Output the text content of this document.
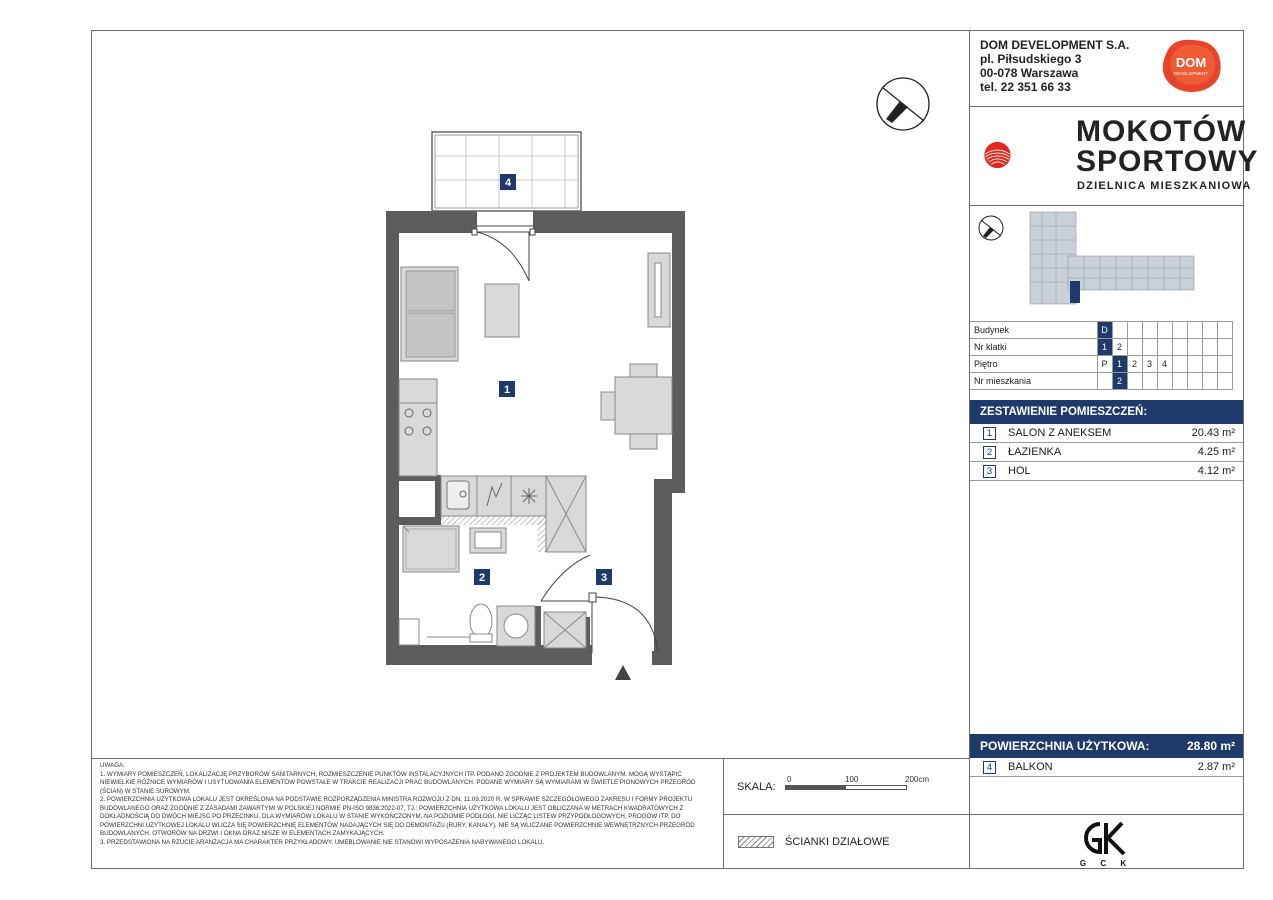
1
2	3
4
DOM DEVELOPMENT S.A.
pl. Piłsudskiego 3
00-078 Warszawa
tel. 22 351 66 33
DOM
DEVELOPMENT
MOKOTÓW
SPORTOWY
DZIELNICA MIESZKANIOWA
Budynek	D								
Nr klatki	1	2							
Piętro	P	1	2	3	4				
Nr mieszkania		2							
ZESTAWIENIE POMIESZCZEŃ:
1	SALON Z ANEKSEM	20.43 m²
2	ŁAZIENKA	4.25 m²
3	HOL	4.12 m²
POWIERZCHNIA UŻYTKOWA:	28.80 m²
4	BALKON	2.87 m²
UWAGA:
1. WYMIARY POMIESZCZEŃ, LOKALIZACJĘ PRZYBORÓW SANITARNYCH, ROZMIESZCZENIE PUNKTÓW INSTALACYJNYCH ITP. PODANO ZGODNIE Z PROJEKTEM BUDOWLANYM. MOGĄ WYSTĄPIĆ NIEWIELKIE RÓŻNICE WYMIARÓW I USYTUOWANIA ELEMENTÓW POWSTAŁE W TRAKCIE REALIZACJI PRAC BUDOWLANYCH. PODANE WYMIARY SĄ WYMIARAMI W ŚWIETLE PIONOWYCH PRZEGRÓD (ŚCIAN) W STANIE SUROWYM.
2. POWIERZCHNIA UŻYTKOWA LOKALU JEST OKREŚLONA NA PODSTAWIE ROZPORZĄDZENIA MINISTRA ROZWOJU Z DN. 11.09.2020 R. W SPRAWIE SZCZEGÓŁOWEGO ZAKRESU I FORMY PROJEKTU BUDOWLANEGO ORAZ ZGODNIE Z ZASADAMI ZAWARTYMI W POLSKIEJ NORMIE PN-ISO 9836:2022-07, TJ.: POWIERZCHNIA UŻYTKOWA LOKALU JEST OBLICZANA W METRACH KWADRATOWYCH Z DOKŁADNOŚCIĄ DO DWÓCH MIEJSC PO PRZECINKU, DLA WYMIARÓW LOKALU W STANIE WYKOŃCZONYM, NA POZIOMIE PODŁOGI, NIE LICZĄC LISTEW PRZYPODŁOGOWYCH, PROGÓW ITP. DO POWIERZCHNI UŻYTKOWEJ LOKALU WLICZA SIĘ POWIERZCHNIĘ ELEMENTÓW NADAJĄCYCH SIĘ DO DEMONTAŻU (RURY, KANAŁY), NIE SĄ WLICZANE POWIERZCHNIE WEWNĘTRZNYCH PRZEGRÓD BUDOWLANYCH, OTWORÓW NA DRZWI I OKNA ORAZ NISZE W ELEMENTACH ZAMYKAJĄCYCH.
3. PRZEDSTAWIONA NA RZUCIE ARANŻACJA MA CHARAKTER PRZYKŁADOWY, UMEBLOWANIE NIE STANOWI WYPOSAŻENIA NABYWANEGO LOKALU.
SKALA:
0	100	200cm
ŚCIANKI DZIAŁOWE
G C K
